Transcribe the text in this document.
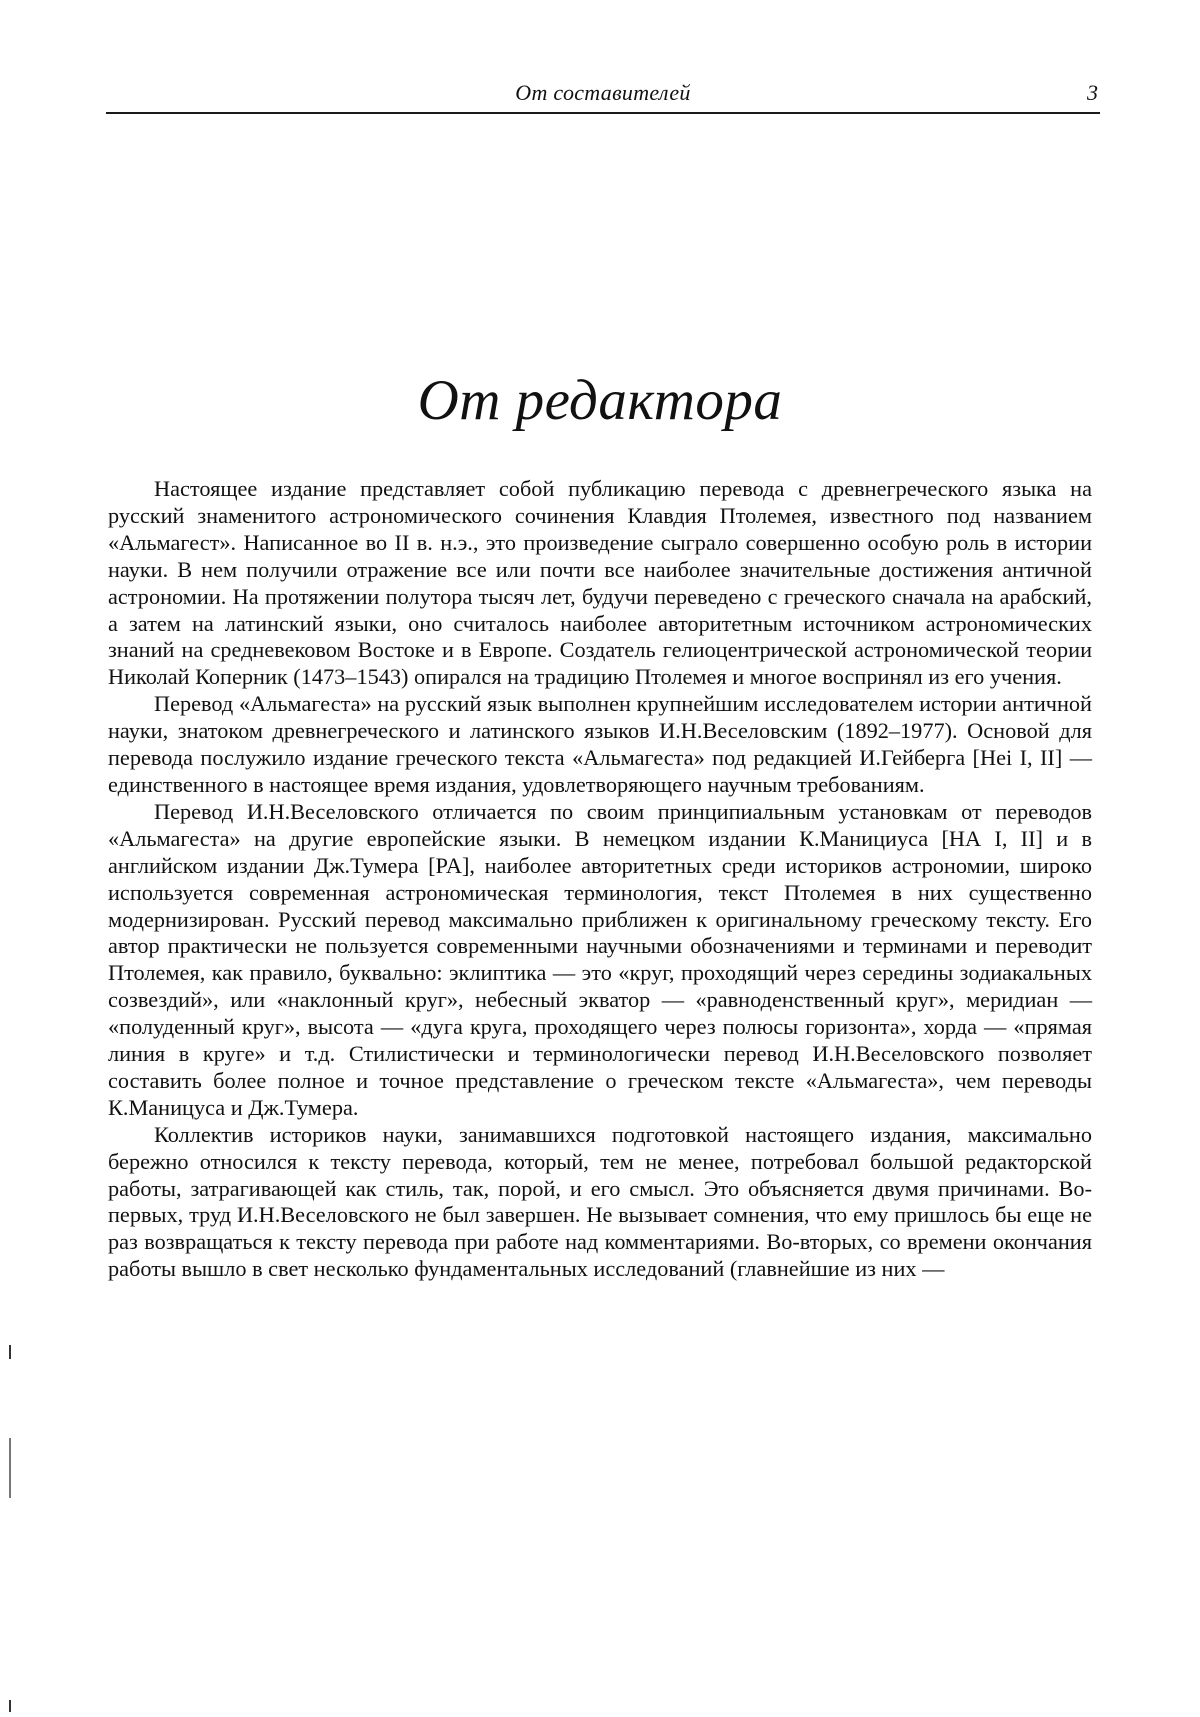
От составителей	3
От редактора

Настоящее издание представляет собой публикацию перевода с древнегреческого языка на русский знаменитого астрономического сочинения Клавдия Птолемея, известного под названием «Альмагест». Написанное во II в. н.э., это произведение сыграло совершенно особую роль в истории науки. В нем получили отражение все или почти все наиболее значительные достижения античной астрономии. На протяжении полутора тысяч лет, будучи переведено с греческого сначала на арабский, а затем на латинский языки, оно считалось наиболее авторитетным источником астрономических знаний на средневековом Востоке и в Европе. Создатель гелиоцентрической астрономической теории Николай Коперник (1473–1543) опирался на традицию Птолемея и многое воспринял из его учения.

Перевод «Альмагеста» на русский язык выполнен крупнейшим исследователем истории античной науки, знатоком древнегреческого и латинского языков И.Н.Веселовским (1892–1977). Основой для перевода послужило издание греческого текста «Альмагеста» под редакцией И.Гейберга [Hei I, II] — единственного в настоящее время издания, удовлетворяющего научным требованиям.

Перевод И.Н.Веселовского отличается по своим принципиальным установкам от переводов «Альмагеста» на другие европейские языки. В немецком издании К.Манициуса [НА I, II] и в английском издании Дж.Тумера [PA], наиболее авторитетных среди историков астрономии, широко используется современная астрономическая терминология, текст Птолемея в них существенно модернизирован. Русский перевод максимально приближен к оригинальному греческому тексту. Его автор практически не пользуется современными научными обозначениями и терминами и переводит Птолемея, как правило, буквально: эклиптика — это «круг, проходящий через середины зодиакальных созвездий», или «наклонный круг», небесный экватор — «равноденственный круг», меридиан — «полуденный круг», высота — «дуга круга, проходящего через полюсы горизонта», хорда — «прямая линия в круге» и т.д. Стилистически и терминологически перевод И.Н.Веселовского позволяет составить более полное и точное представление о греческом тексте «Альмагеста», чем переводы К.Маницуса и Дж.Тумера.

Коллектив историков науки, занимавшихся подготовкой настоящего издания, максимально бережно относился к тексту перевода, который, тем не менее, потребовал большой редакторской работы, затрагивающей как стиль, так, порой, и его смысл. Это объясняется двумя причинами. Во-первых, труд И.Н.Веселовского не был завершен. Не вызывает сомнения, что ему пришлось бы еще не раз возвращаться к тексту перевода при работе над комментариями. Во-вторых, со времени окончания работы вышло в свет несколько фундаментальных исследований (главнейшие из них —
